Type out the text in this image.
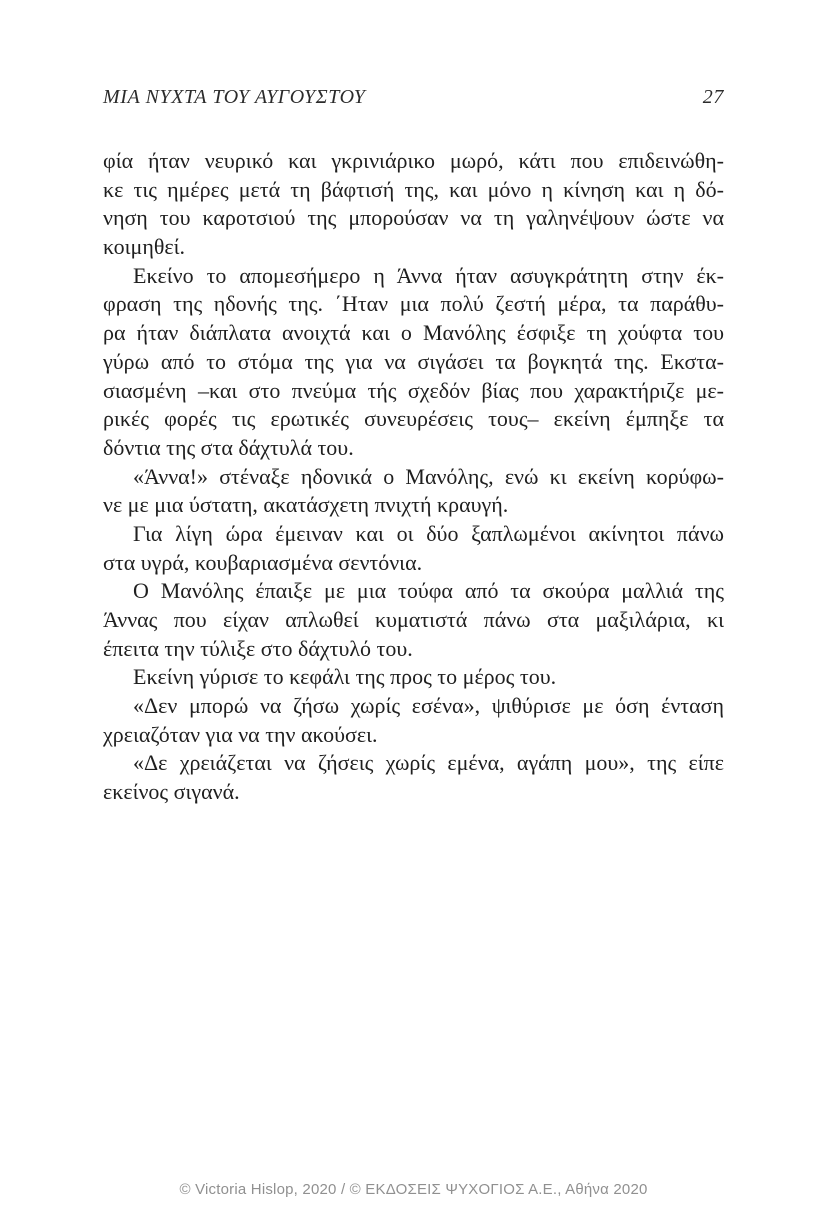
ΜΙΑ ΝΥΧΤΑ ΤΟΥ ΑΥΓΟΥΣΤΟΥ	27
φία ήταν νευρικό και γκρινιάρικο μωρό, κάτι που επιδεινώθη-
κε τις ημέρες μετά τη βάφτισή της, και μόνο η κίνηση και η δό-
νηση του καροτσιού της μπορούσαν να τη γαληνέψουν ώστε να
κοιμηθεί.
Εκείνο το απομεσήμερο η Άννα ήταν ασυγκράτητη στην έκ-
φραση της ηδονής της. ΄Ηταν μια πολύ ζεστή μέρα, τα παράθυ-
ρα ήταν διάπλατα ανοιχτά και ο Μανόλης έσφιξε τη χούφτα του
γύρω από το στόμα της για να σιγάσει τα βογκητά της. Εκστα-
σιασμένη –και στο πνεύμα τής σχεδόν βίας που χαρακτήριζε με-
ρικές φορές τις ερωτικές συνευρέσεις τους– εκείνη έμπηξε τα
δόντια της στα δάχτυλά του.
«Άννα!» στέναξε ηδονικά ο Μανόλης, ενώ κι εκείνη κορύφω-
νε με μια ύστατη, ακατάσχετη πνιχτή κραυγή.
Για λίγη ώρα έμειναν και οι δύο ξαπλωμένοι ακίνητοι πάνω
στα υγρά, κουβαριασμένα σεντόνια.
Ο Μανόλης έπαιξε με μια τούφα από τα σκούρα μαλλιά της
Άννας που είχαν απλωθεί κυματιστά πάνω στα μαξιλάρια, κι
έπειτα την τύλιξε στο δάχτυλό του.
Εκείνη γύρισε το κεφάλι της προς το μέρος του.
«Δεν μπορώ να ζήσω χωρίς εσένα», ψιθύρισε με όση ένταση
χρειαζόταν για να την ακούσει.
«Δε χρειάζεται να ζήσεις χωρίς εμένα, αγάπη μου», της είπε
εκείνος σιγανά.
© Victoria Hislop, 2020 / © ΕΚΔΟΣΕΙΣ ΨΥΧΟΓΙΟΣ Α.Ε., Αθήνα 2020
